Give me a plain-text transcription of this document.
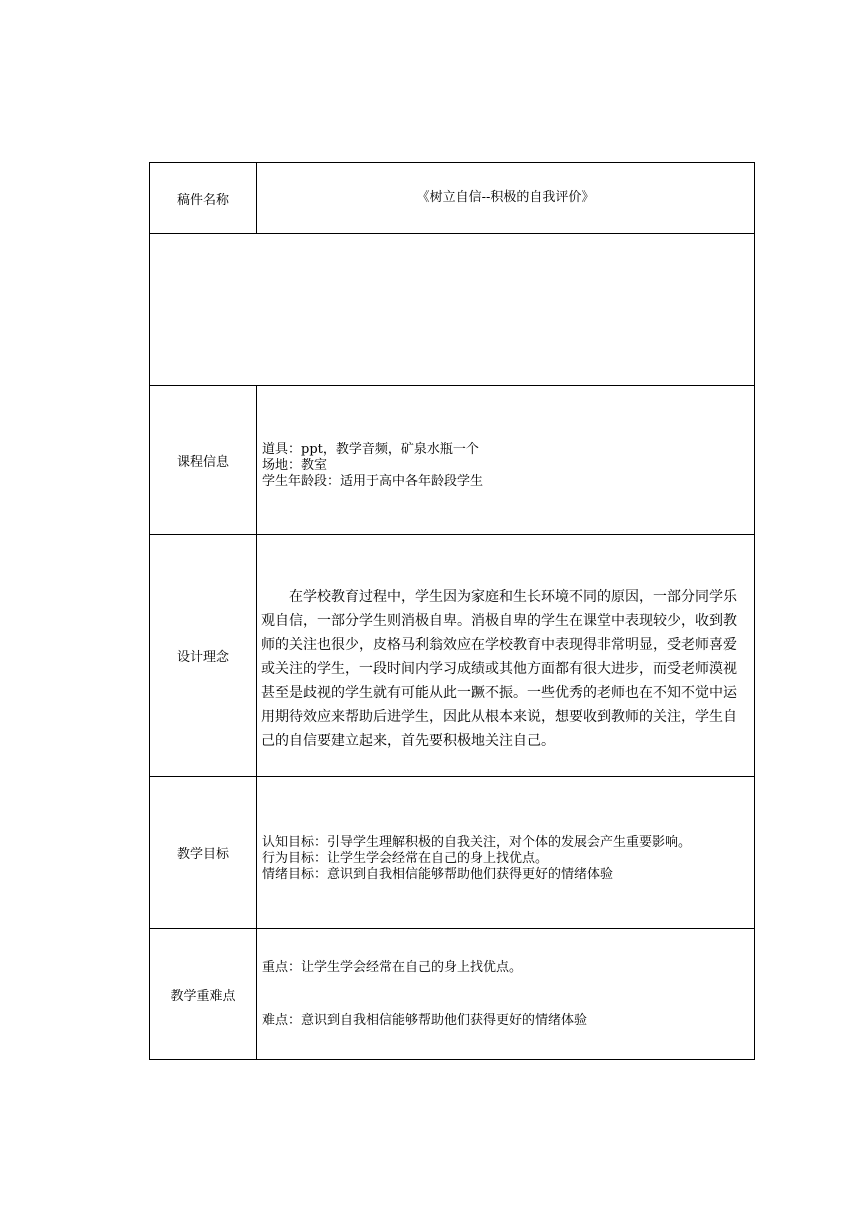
稿件名称	《树立自信--积极的自我评价》

课程信息	道具：ppt，教学音频，矿泉水瓶一个
场地：教室
学生年龄段：适用于高中各年龄段学生

设计理念	在学校教育过程中，学生因为家庭和生长环境不同的原因，一部分同学乐观自信，一部分学生则消极自卑。消极自卑的学生在课堂中表现较少，收到教师的关注也很少，皮格马利翁效应在学校教育中表现得非常明显，受老师喜爱或关注的学生，一段时间内学习成绩或其他方面都有很大进步，而受老师漠视甚至是歧视的学生就有可能从此一蹶不振。一些优秀的老师也在不知不觉中运用期待效应来帮助后进学生，因此从根本来说，想要收到教师的关注，学生自己的自信要建立起来，首先要积极地关注自己。

教学目标	认知目标：引导学生理解积极的自我关注，对个体的发展会产生重要影响。
行为目标：让学生学会经常在自己的身上找优点。
情绪目标：意识到自我相信能够帮助他们获得更好的情绪体验

教学重难点	重点：让学生学会经常在自己的身上找优点。
难点：意识到自我相信能够帮助他们获得更好的情绪体验
